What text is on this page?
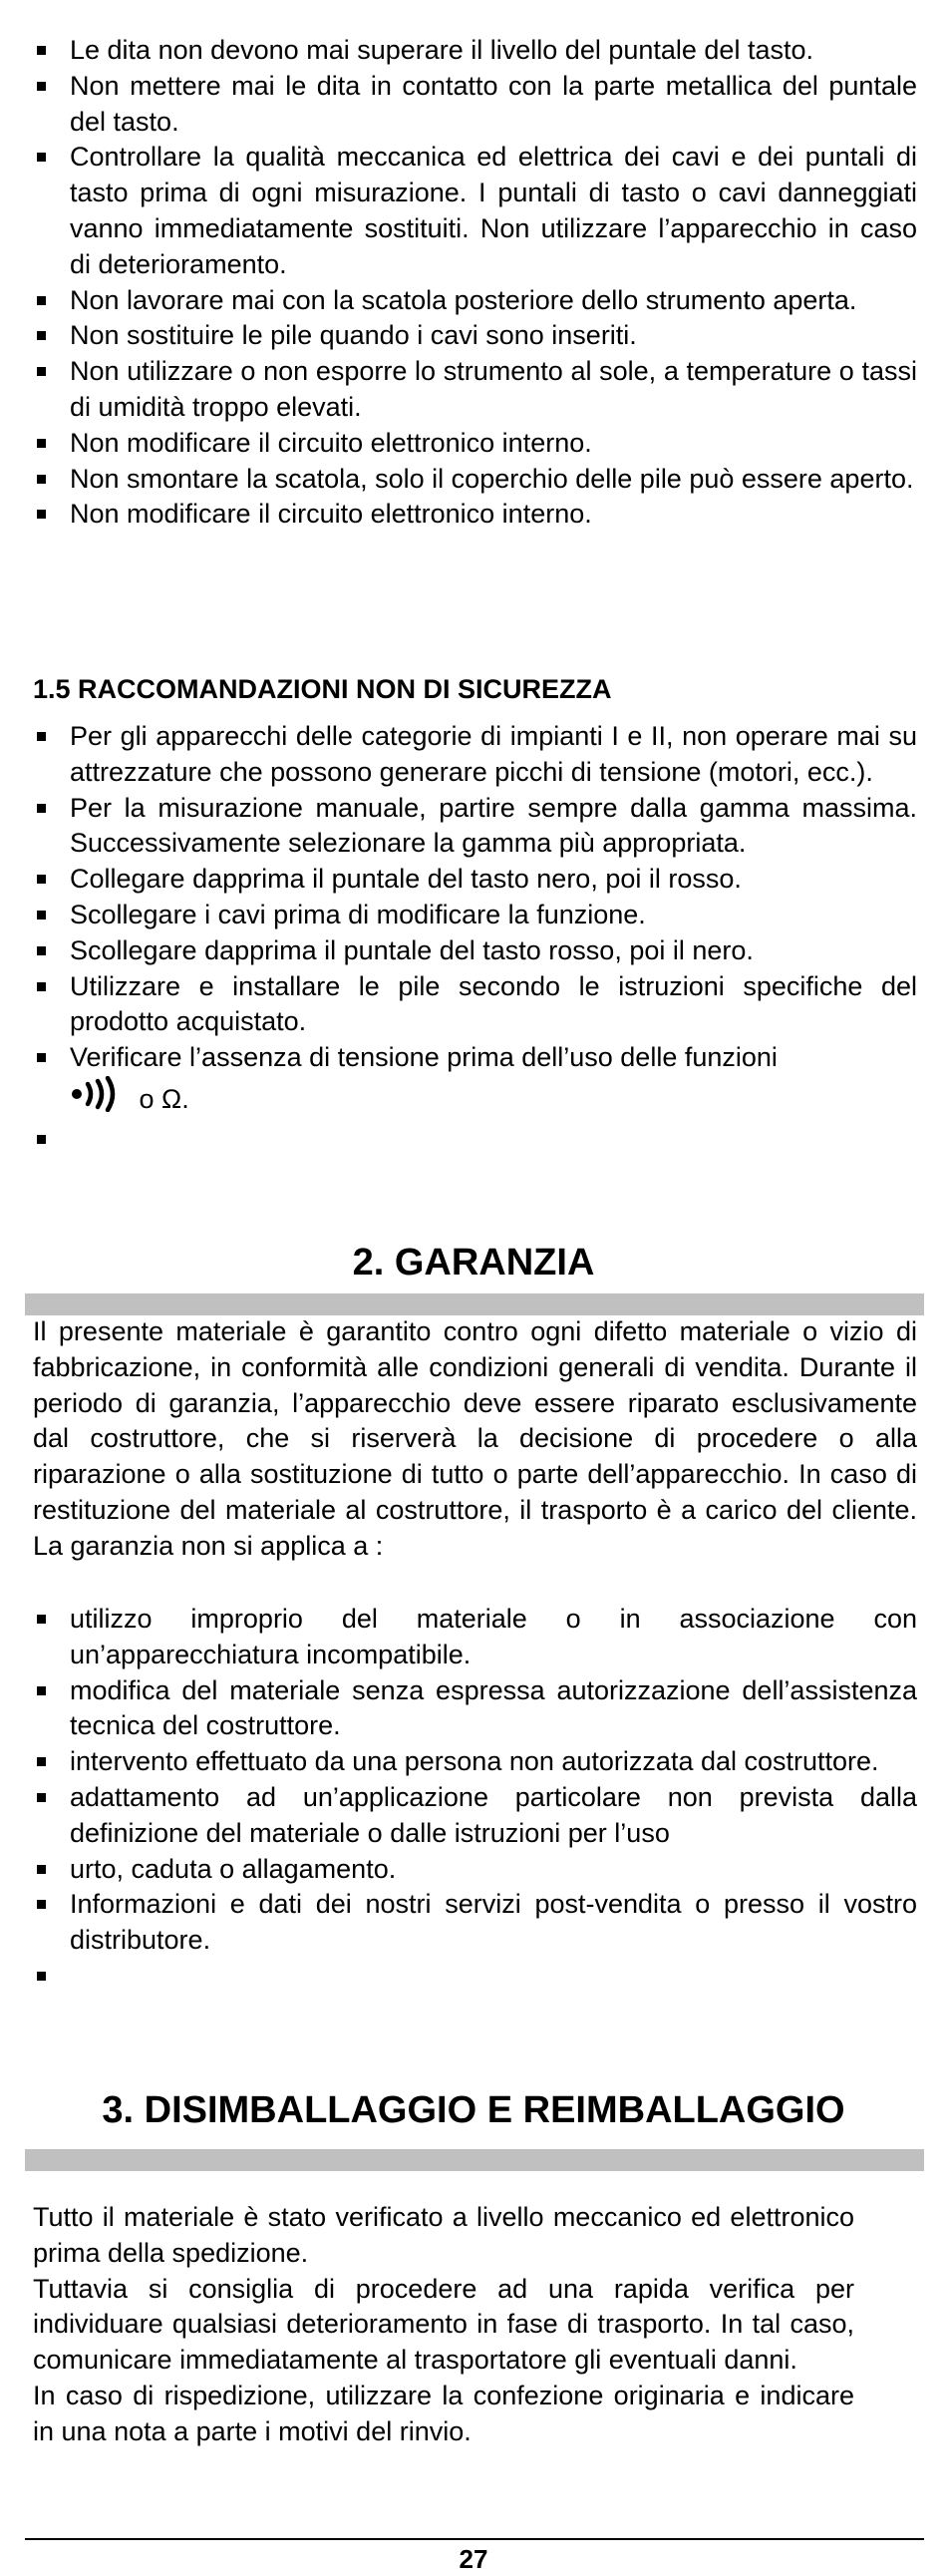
Le dita non devono mai superare il livello del puntale del tasto.
Non mettere mai le dita in contatto con la parte metallica del puntale del tasto.
Controllare la qualità meccanica ed elettrica dei cavi e dei puntali di tasto prima di ogni misurazione. I puntali di tasto o cavi danneggiati vanno immediatamente sostituiti. Non utilizzare l’apparecchio in caso di deterioramento.
Non lavorare mai con la scatola posteriore dello strumento aperta.
Non sostituire le pile quando i cavi sono inseriti.
Non utilizzare o non esporre lo strumento al sole, a temperature o tassi di umidità troppo elevati.
Non modificare il circuito elettronico interno.
Non smontare la scatola, solo il coperchio delle pile può essere aperto.
Non modificare il circuito elettronico interno.
1.5 RACCOMANDAZIONI NON DI SICUREZZA
Per gli apparecchi delle categorie di impianti I e II, non operare mai su attrezzature che possono generare picchi di tensione (motori, ecc.).
Per la misurazione manuale, partire sempre dalla gamma massima. Successivamente selezionare la gamma più appropriata.
Collegare dapprima il puntale del tasto nero, poi il rosso.
Scollegare i cavi prima di modificare la funzione.
Scollegare dapprima il puntale del tasto rosso, poi il nero.
Utilizzare e installare le pile secondo le istruzioni specifiche del prodotto acquistato.
Verificare l’assenza di tensione prima dell’uso delle funzioni
o Ω.
2. GARANZIA

Il presente materiale è garantito contro ogni difetto materiale o vizio di fabbricazione, in conformità alle condizioni generali di vendita. Durante il periodo di garanzia, l’apparecchio deve essere riparato esclusivamente dal costruttore, che si riserverà la decisione di procedere o alla riparazione o alla sostituzione di tutto o parte dell’apparecchio. In caso di restituzione del materiale al costruttore, il trasporto è a carico del cliente. La garanzia non si applica a :

utilizzo improprio del materiale o in associazione con un’apparecchiatura incompatibile.
modifica del materiale senza espressa autorizzazione dell’assistenza tecnica del costruttore.
intervento effettuato da una persona non autorizzata dal costruttore.
adattamento ad un’applicazione particolare non prevista dalla definizione del materiale o dalle istruzioni per l’uso
urto, caduta o allagamento.
Informazioni e dati dei nostri servizi post-vendita o presso il vostro distributore.
3. DISIMBALLAGGIO E REIMBALLAGGIO

Tutto il materiale è stato verificato a livello meccanico ed elettronico prima della spedizione.

Tuttavia si consiglia di procedere ad una rapida verifica per individuare qualsiasi deterioramento in fase di trasporto. In tal caso, comunicare immediatamente al trasportatore gli eventuali danni.

In caso di rispedizione, utilizzare la confezione originaria e indicare in una nota a parte i motivi del rinvio.

27
